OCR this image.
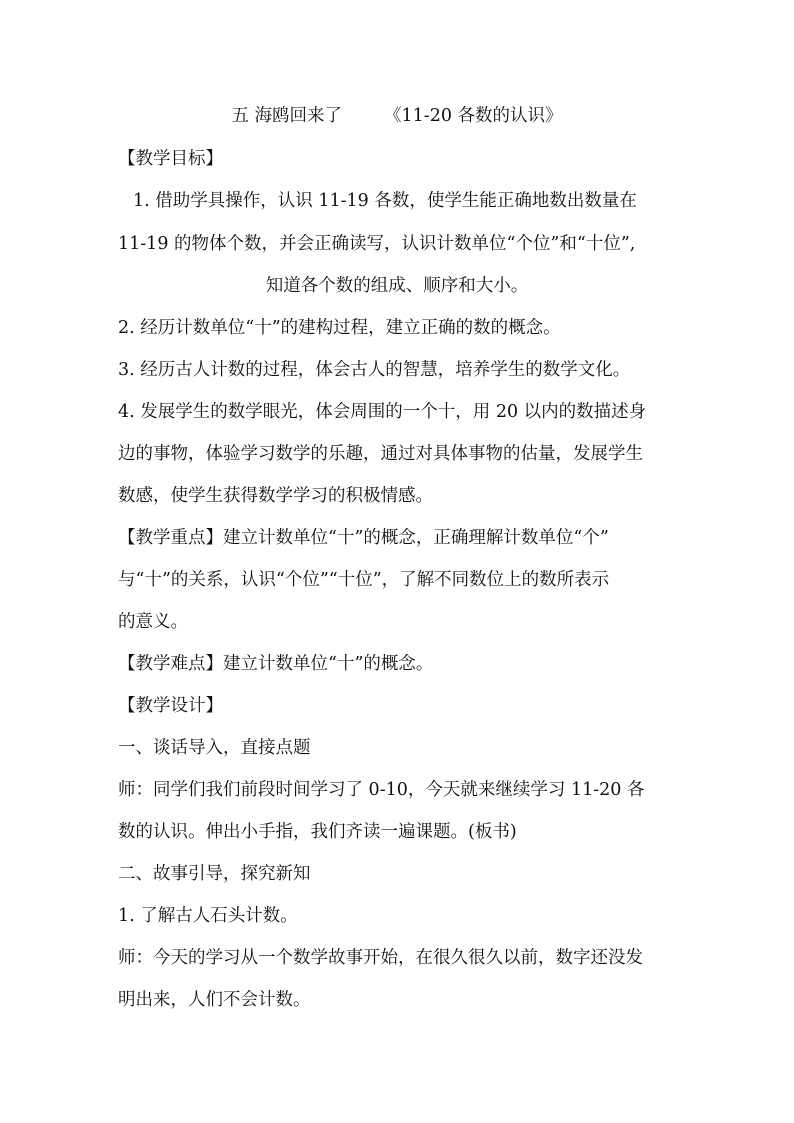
五 海鸥回来了 《11-20 各数的认识》
【教学目标】
1. 借助学具操作，认识 11-19 各数，使学生能正确地数出数量在
11-19 的物体个数，并会正确读写，认识计数单位“个位”和“十位”,
知道各个数的组成、顺序和大小。
2. 经历计数单位“十”的建构过程，建立正确的数的概念。
3. 经历古人计数的过程，体会古人的智慧，培养学生的数学文化。
4. 发展学生的数学眼光，体会周围的一个十，用 20 以内的数描述身
边的事物，体验学习数学的乐趣，通过对具体事物的估量，发展学生
数感，使学生获得数学学习的积极情感。
【教学重点】建立计数单位“十”的概念，正确理解计数单位“个”
与“十”的关系，认识“个位”“十位”，了解不同数位上的数所表示
的意义。
【教学难点】建立计数单位“十”的概念。
【教学设计】
一、谈话导入，直接点题
师：同学们我们前段时间学习了 0-10，今天就来继续学习 11-20 各
数的认识。伸出小手指，我们齐读一遍课题。(板书)
二、故事引导，探究新知
1. 了解古人石头计数。
师：今天的学习从一个数学故事开始，在很久很久以前，数字还没发
明出来，人们不会计数。
